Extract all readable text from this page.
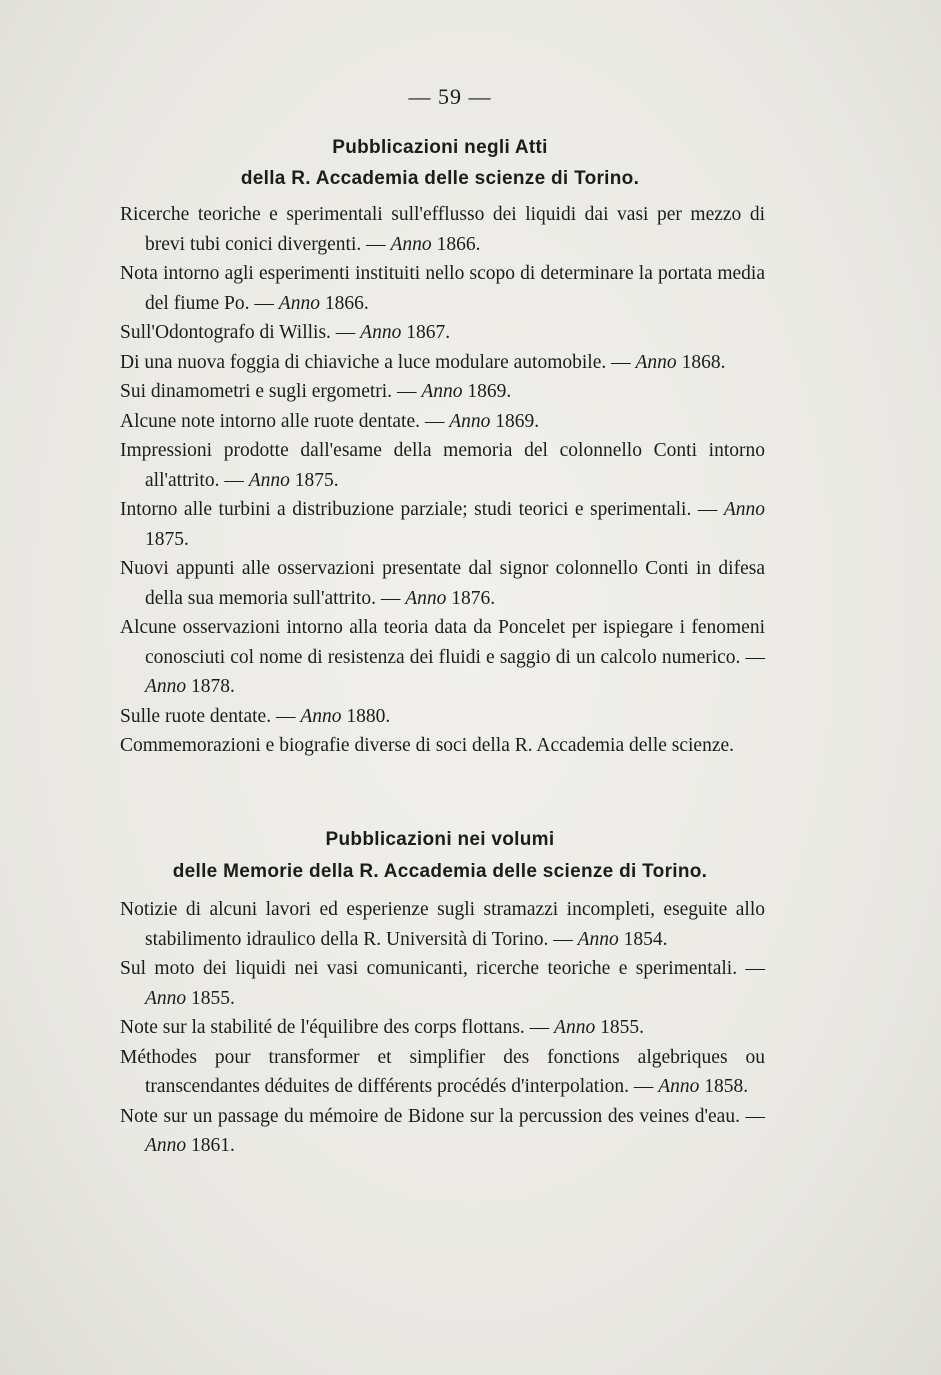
— 59 —
Pubblicazioni negli Atti
della R. Accademia delle scienze di Torino.
Ricerche teoriche e sperimentali sull'efflusso dei liquidi dai vasi per mezzo di brevi tubi conici divergenti. — Anno 1866.
Nota intorno agli esperimenti instituiti nello scopo di determinare la portata media del fiume Po. — Anno 1866.
Sull'Odontografo di Willis. — Anno 1867.
Di una nuova foggia di chiaviche a luce modulare automobile. — Anno 1868.
Sui dinamometri e sugli ergometri. — Anno 1869.
Alcune note intorno alle ruote dentate. — Anno 1869.
Impressioni prodotte dall'esame della memoria del colonnello Conti intorno all'attrito. — Anno 1875.
Intorno alle turbini a distribuzione parziale; studi teorici e sperimentali. — Anno 1875.
Nuovi appunti alle osservazioni presentate dal signor colonnello Conti in difesa della sua memoria sull'attrito. — Anno 1876.
Alcune osservazioni intorno alla teoria data da Poncelet per ispiegare i fenomeni conosciuti col nome di resistenza dei fluidi e saggio di un calcolo numerico. — Anno 1878.
Sulle ruote dentate. — Anno 1880.
Commemorazioni e biografie diverse di soci della R. Accademia delle scienze.
Pubblicazioni nei volumi
delle Memorie della R. Accademia delle scienze di Torino.
Notizie di alcuni lavori ed esperienze sugli stramazzi incompleti, eseguite allo stabilimento idraulico della R. Università di Torino. — Anno 1854.
Sul moto dei liquidi nei vasi comunicanti, ricerche teoriche e sperimentali. — Anno 1855.
Note sur la stabilité de l'équilibre des corps flottans. — Anno 1855.
Méthodes pour transformer et simplifier des fonctions algebriques ou transcendantes déduites de différents procédés d'interpolation. — Anno 1858.
Note sur un passage du mémoire de Bidone sur la percussion des veines d'eau. — Anno 1861.
